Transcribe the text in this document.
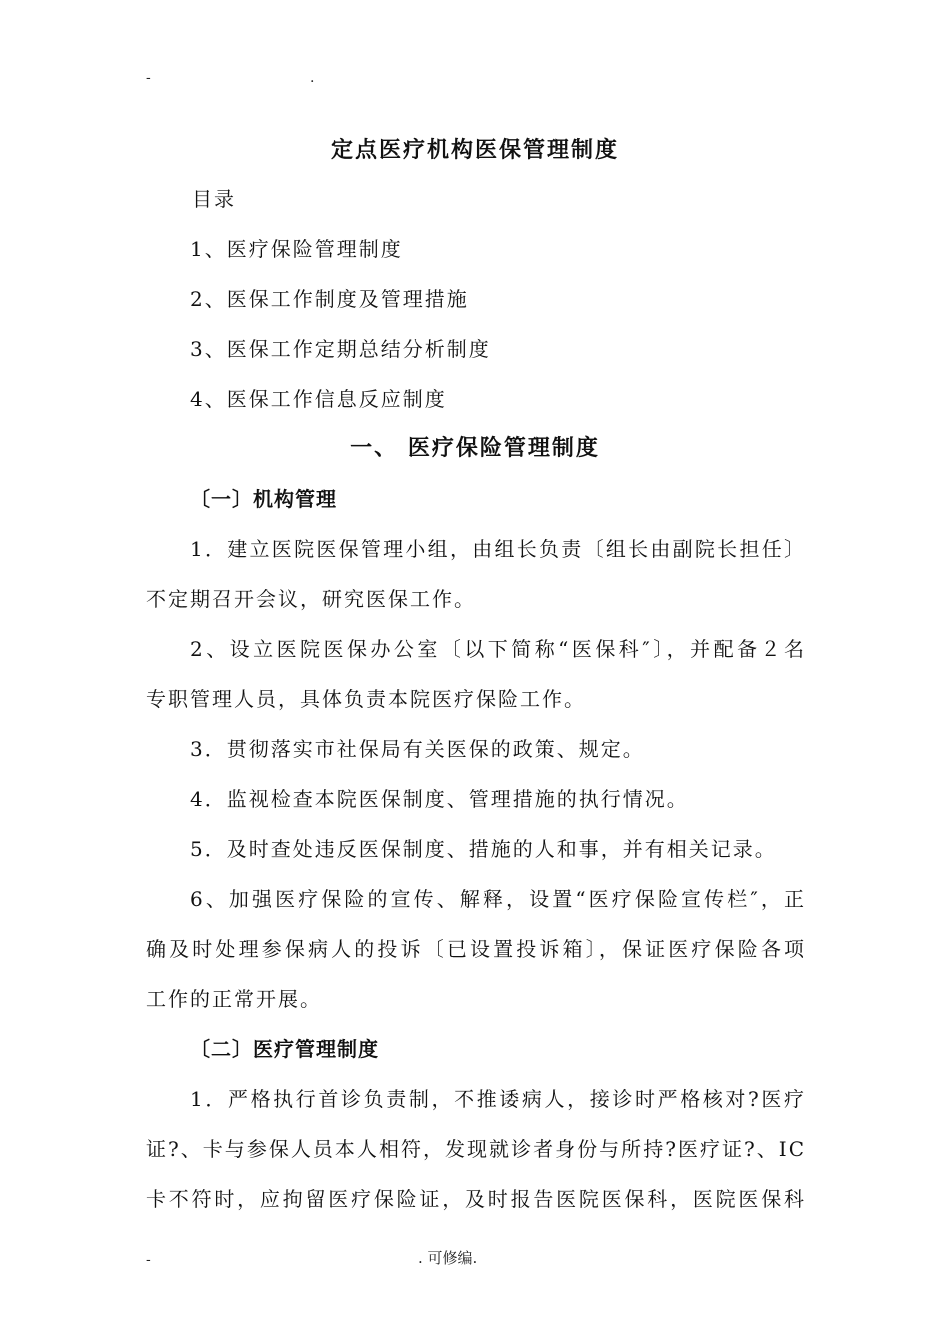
-	.
定点医疗机构医保管理制度
目录
1、医疗保险管理制度
2、医保工作制度及管理措施
3、医保工作定期总结分析制度
4、医保工作信息反应制度
一、 医疗保险管理制度
〔一〕机构管理
1．建立医院医保管理小组，由组长负责〔组长由副院长担任〕
不定期召开会议，研究医保工作。
2、设立医院医保办公室〔以下简称“医保科″〕，并配备２名
专职管理人员，具体负责本院医疗保险工作。
3．贯彻落实市社保局有关医保的政策、规定。
4．监视检查本院医保制度、管理措施的执行情况。
5．及时查处违反医保制度、措施的人和事，并有相关记录。
6、加强医疗保险的宣传、解释，设置“医疗保险宣传栏″，正
确及时处理参保病人的投诉〔已设置投诉箱〕，保证医疗保险各项
工作的正常开展。
〔二〕医疗管理制度
1．严格执行首诊负责制，不推诿病人，接诊时严格核对?医疗
证?、卡与参保人员本人相符，发现就诊者身份与所持?医疗证?、IC
卡不符时，应拘留医疗保险证，及时报告医院医保科，医院医保科
-	. 可修编.
